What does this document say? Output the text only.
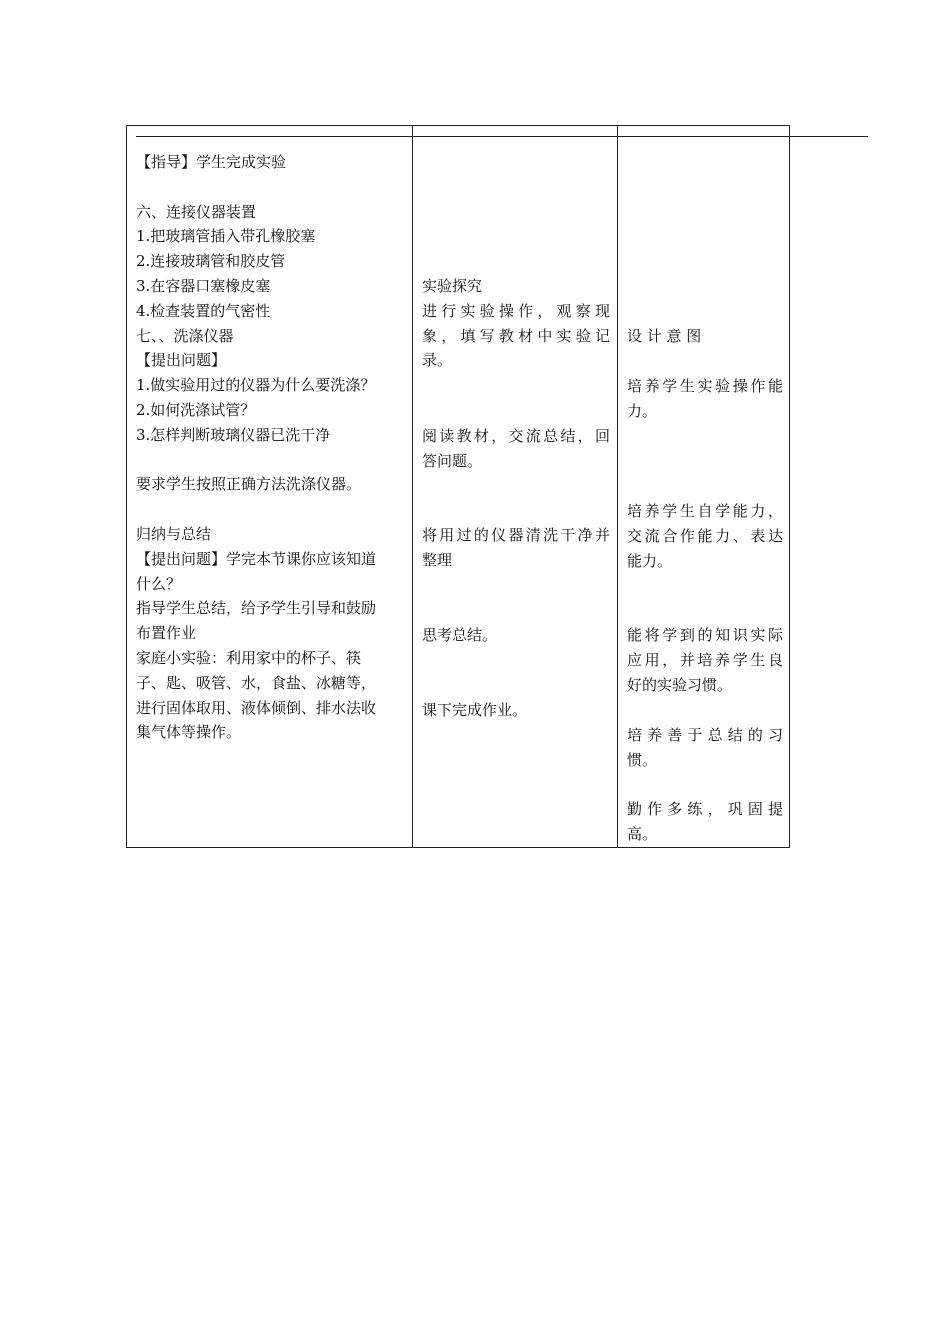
【指导】学生完成实验
六、连接仪器装置
1.把玻璃管插入带孔橡胶塞
2.连接玻璃管和胶皮管
3.在容器口塞橡皮塞
4.检查装置的气密性
七、、洗涤仪器
【提出问题】
1.做实验用过的仪器为什么要洗涤？
2.如何洗涤试管？
3.怎样判断玻璃仪器已洗干净
要求学生按照正确方法洗涤仪器。
归纳与总结
【提出问题】学完本节课你应该知道
什么？
指导学生总结，给予学生引导和鼓励
布置作业
家庭小实验：利用家中的杯子、筷
子、匙、吸管、水，食盐、冰糖等，
进行固体取用、液体倾倒、排水法收
集气体等操作。
实验探究
进行实验操作，观察现
象，填写教材中实验记
录。
阅读教材，交流总结，回
答问题。
将用过的仪器清洗干净并
整理
思考总结。
课下完成作业。
设 计 意 图
培养学生实验操作能
力。
培养学生自学能力，
交流合作能力、表达
能力。
能将学到的知识实际
应用，并培养学生良
好的实验习惯。
培养善于总结的习
惯。
勤作多练，巩固提
高。
